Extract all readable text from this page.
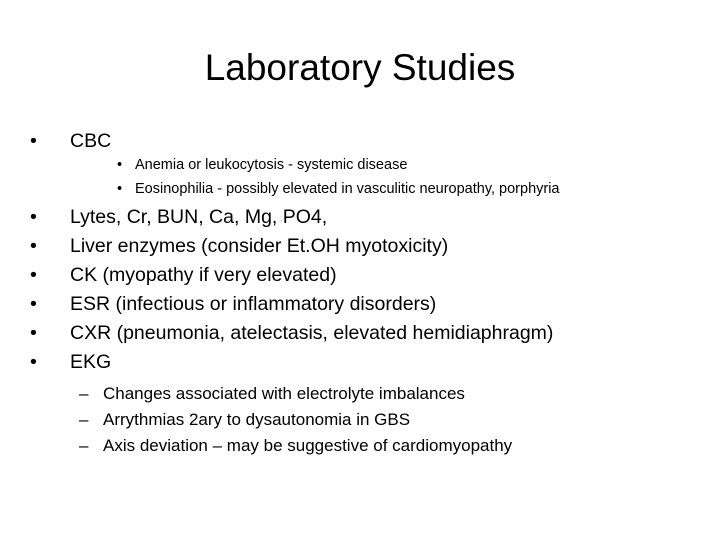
Laboratory Studies
• CBC
• Anemia or leukocytosis - systemic disease
• Eosinophilia - possibly elevated in vasculitic neuropathy, porphyria
• Lytes, Cr, BUN, Ca, Mg, PO4,
• Liver enzymes (consider Et.OH myotoxicity)
• CK (myopathy if very elevated)
• ESR (infectious or inflammatory disorders)
• CXR (pneumonia, atelectasis, elevated hemidiaphragm)
• EKG
– Changes associated with electrolyte imbalances
– Arrythmias 2ary to dysautonomia in GBS
– Axis deviation – may be suggestive of cardiomyopathy
